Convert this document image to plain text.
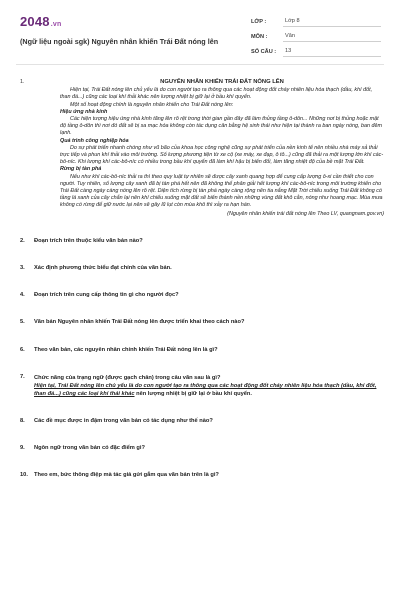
2048.vn
(Ngữ liệu ngoài sgk) Nguyên nhân khiến Trái Đất nóng lên
LỚP :	Lớp 8
MÔN :	Văn
SỐ CÂU :	13
1.	NGUYÊN NHÂN KHIẾN TRÁI ĐẤT NÓNG LÊN

Hiện tại, Trái Đất nóng lên chủ yếu là do con người tạo ra thông qua các hoạt động đốt cháy nhiên liệu hóa thạch (dầu, khí đốt, than đá...) cũng các loại khí thải khác nên lượng nhiệt bị giữ lại ở bầu khí quyển.

Một số hoạt động chính là nguyên nhân khiến cho Trái Đất nóng lên:

Hiệu ứng nhà kính

Các hiện tượng hiệu ứng nhà kính tăng lên rõ rệt trong thời gian gần đây đã làm thủng tầng ô-dôn... Những nơi bị thủng hoặc mật độ tầng ô-dôn thì nơi đó đất sẽ bị sa mạc hóa không còn tác dụng cân bằng hệ sinh thái như hiện tại thành ra ban ngày nóng, ban đêm lạnh.

Quá trình công nghiệp hóa

Do sự phát triển nhanh chóng như vũ bão của khoa học công nghệ cũng sự phát triển của nền kinh tế nên nhiều nhà máy xả thải trực tiếp và phun khí thải vào môi trường. Số lượng phương tiện từ xe cộ (xe máy, xe đạp, ô tô...) cũng đã thải ra một lượng lớn khí các-bô-níc. Khi lượng khí các-bô-níc có nhiều trong bầu khí quyển đã làm khí hậu bị biến đổi, làm tăng nhiệt độ của bề mặt Trái Đất.

Rừng bị tàn phá

Nếu như khí các-bô-níc thải ra thì theo quy luật tự nhiên sẽ được cây xanh quang hợp để cung cấp lượng ô-xi cần thiết cho con người. Tuy nhiên, số lượng cây xanh đã bị tàn phá hết nên đã không thể phân giải hết lượng khí các-bô-níc trong môi trường khiến cho Trái Đất càng ngày càng nóng lên rõ rệt. Diện tích rừng bị tàn phá ngày càng rộng nên tia nắng Mặt Trời chiếu xuống Trái Đất không có tầng lá xanh của cây chắn lại nên khí chiếu xuống mặt đất sẽ biến thành nền những vùng đất khô cằn, nóng như hoang mạc. Mùa mưa không có rừng để giữ nước lại nên sẽ gây lũ lụt còn mùa khô thì xảy ra hạn hán.

(Nguyên nhân khiến trái đất nóng lên Theo LV, quangnam.gov.vn)
2.	Đoạn trích trên thuộc kiểu văn bản nào?
3.	Xác định phương thức biểu đạt chính của văn bản.
4.	Đoạn trích trên cung cấp thông tin gì cho người đọc?
5.	Văn bản Nguyên nhân khiến Trái Đất nóng lên được triển khai theo cách nào?
6.	Theo văn bản, các nguyên nhân chính khiến Trái Đất nóng lên là gì?
7.	Chức năng của trạng ngữ (được gạch chân) trong câu văn sau là gì?
Hiện tại, Trái Đất nóng lên chủ yếu là do con người tạo ra thông qua các hoạt động đốt cháy nhiên liệu hóa thạch (dầu, khí đốt, than đá...) cũng các loại khí thải khác nên lượng nhiệt bị giữ lại ở bầu khí quyển.
8.	Các đề mục được in đậm trong văn bản có tác dụng như thế nào?
9.	Ngôn ngữ trong văn bản có đặc điểm gì?
10.	Theo em, bức thông điệp mà tác giả gửi gắm qua văn bản trên là gì?
